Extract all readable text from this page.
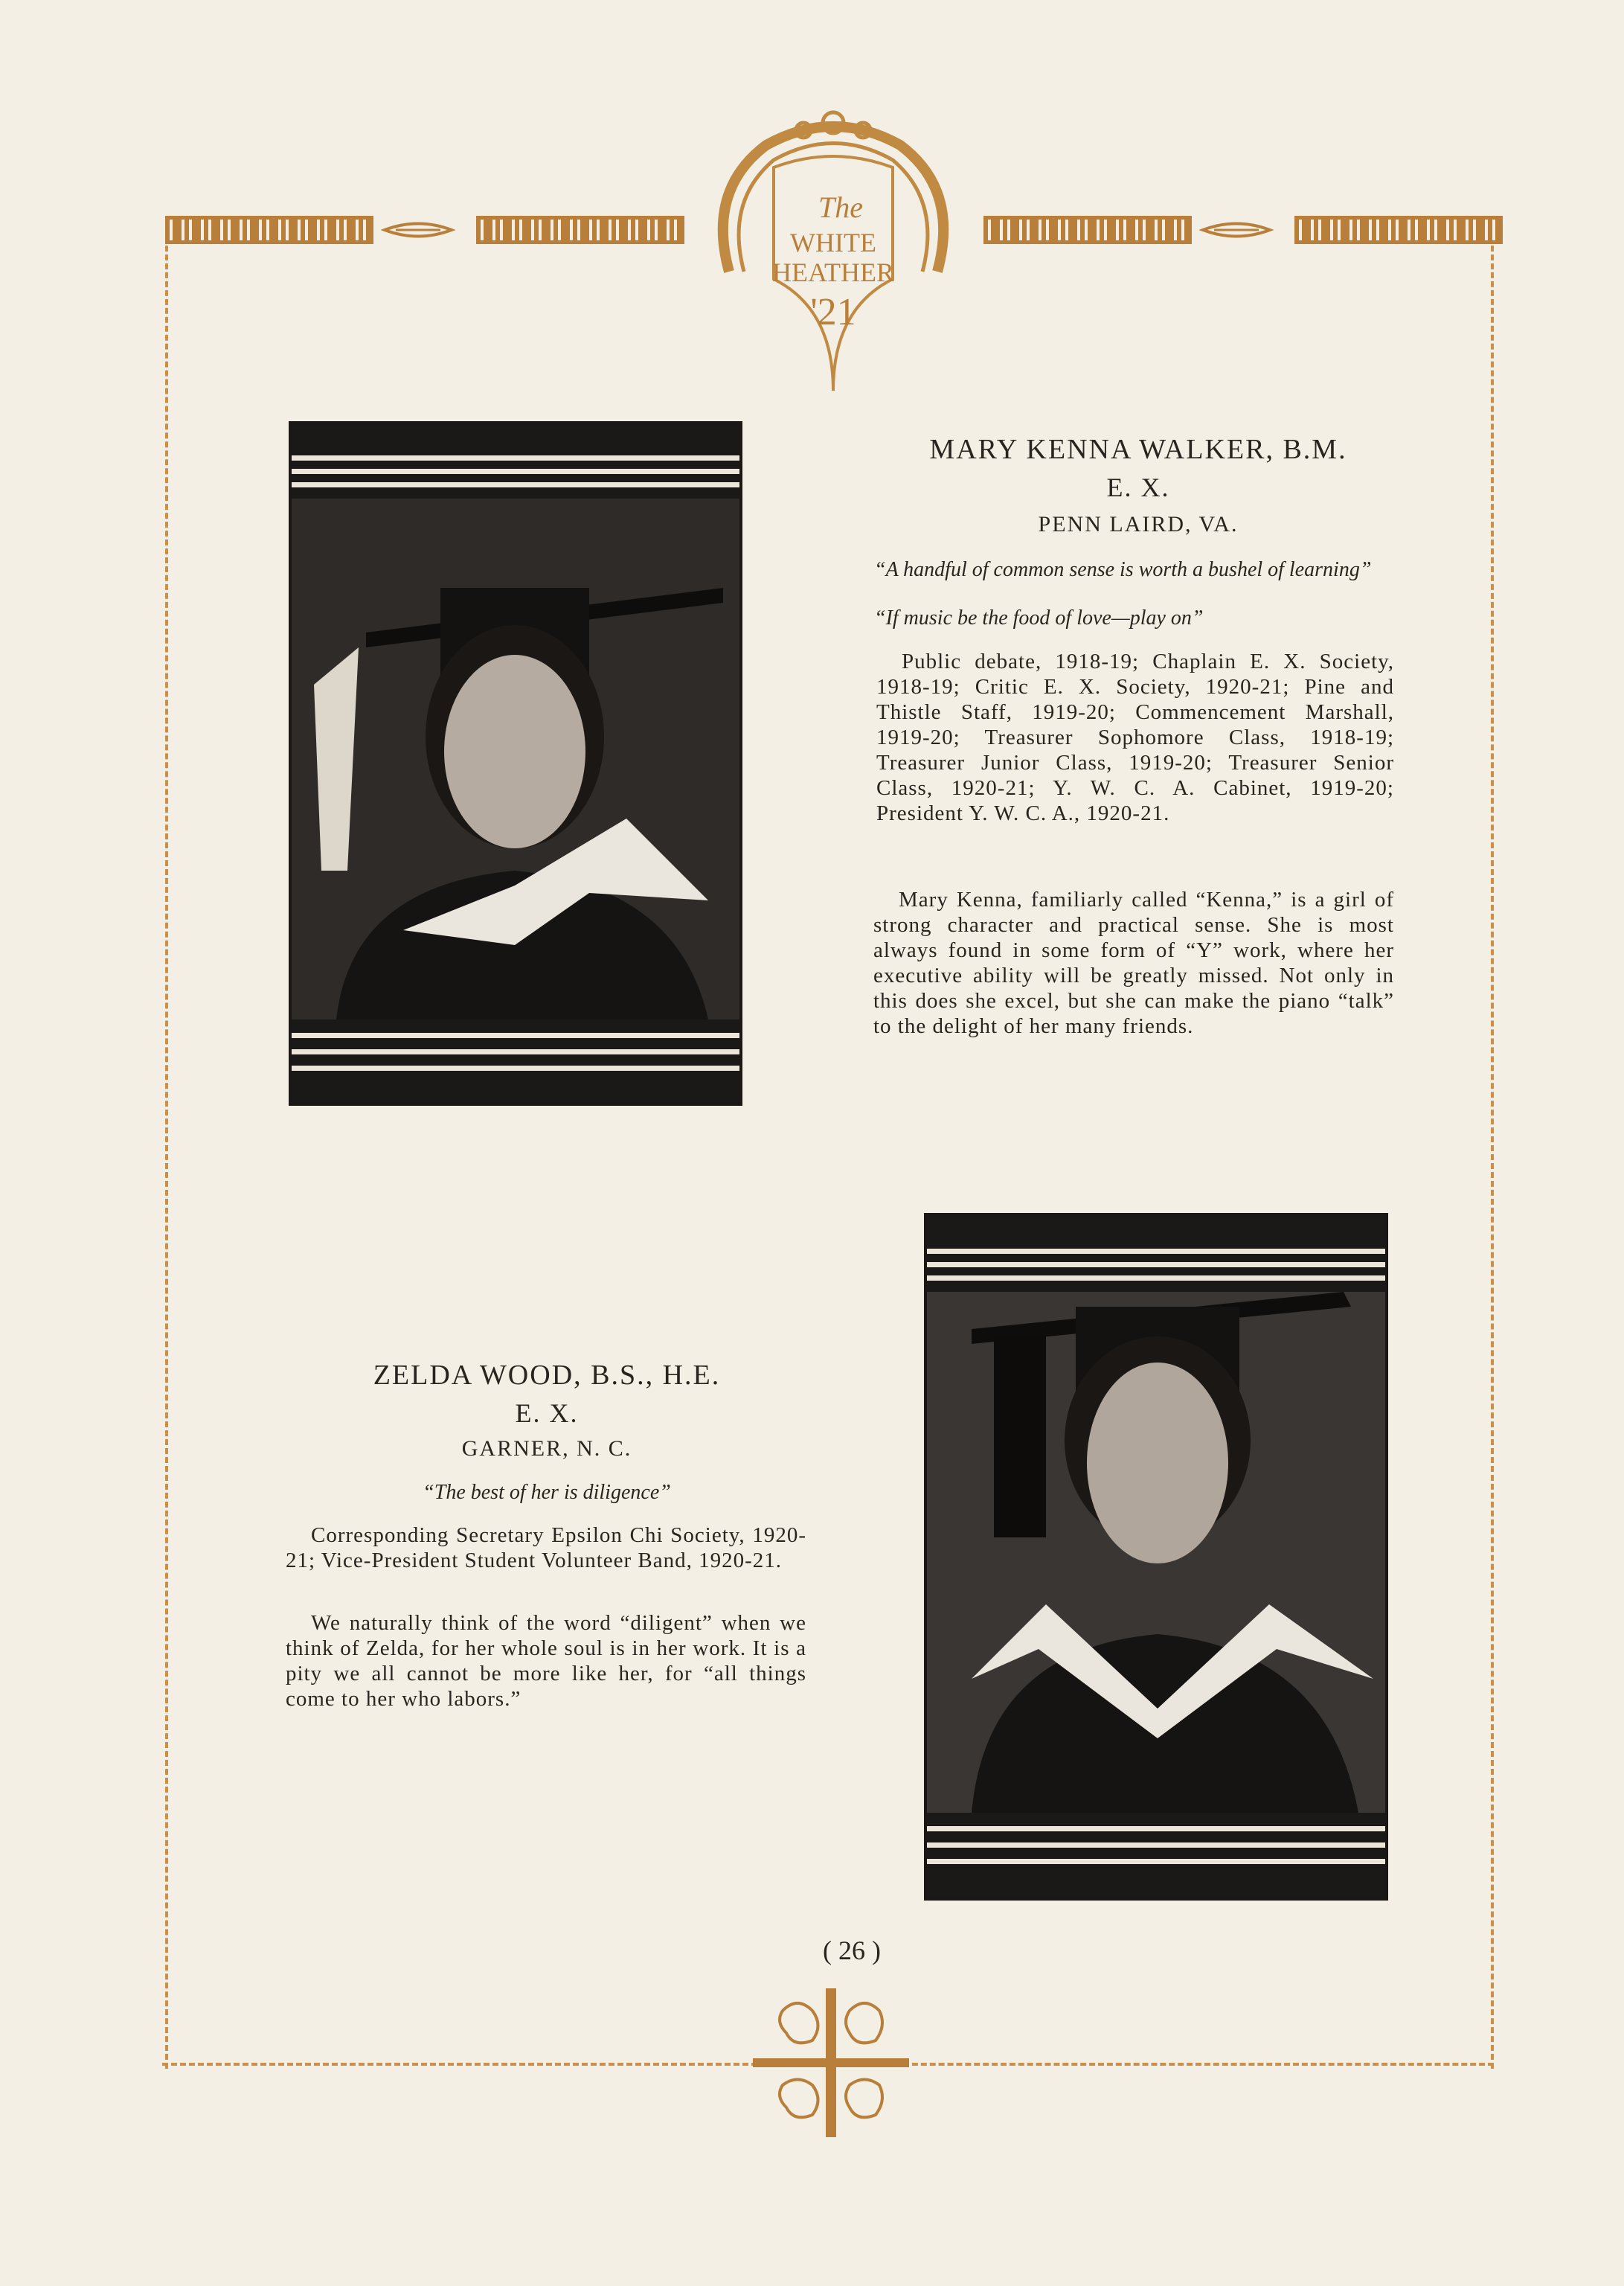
The
WHITE
HEATHER
'21
MARY KENNA WALKER, B.M.
E. X.
PENN LAIRD, VA.
“A handful of common sense is worth a bushel of learning”
“If music be the food of love—play on”
Public debate, 1918-19; Chaplain E. X. Society, 1918-19; Critic E. X. Society, 1920-21; Pine and Thistle Staff, 1919-20; Commencement Marshall, 1919-20; Treasurer Sophomore Class, 1918-19; Treasurer Junior Class, 1919-20; Treasurer Senior Class, 1920-21; Y. W. C. A. Cabinet, 1919-20; President Y. W. C. A., 1920-21.
Mary Kenna, familiarly called “Kenna,” is a girl of strong character and practical sense. She is most always found in some form of “Y” work, where her executive ability will be greatly missed. Not only in this does she excel, but she can make the piano “talk” to the delight of her many friends.
ZELDA WOOD, B.S., H.E.
E. X.
GARNER, N. C.
“The best of her is diligence”
Corresponding Secretary Epsilon Chi Society, 1920-21; Vice-President Student Volunteer Band, 1920-21.
We naturally think of the word “diligent” when we think of Zelda, for her whole soul is in her work. It is a pity we all cannot be more like her, for “all things come to her who labors.”
( 26 )
